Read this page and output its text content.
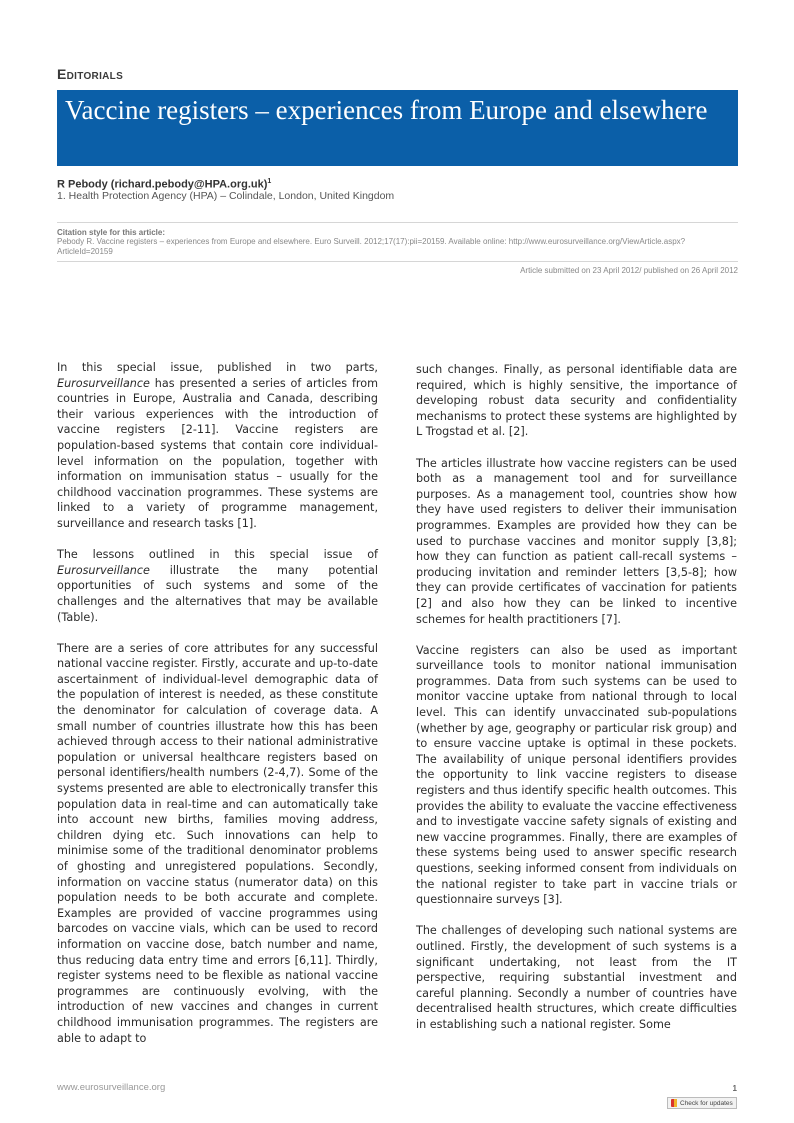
Editorials
Vaccine registers – experiences from Europe and elsewhere
R Pebody (richard.pebody@HPA.org.uk)$^1$
1. Health Protection Agency (HPA) – Colindale, London, United Kingdom
Citation style for this article:
Pebody R. Vaccine registers – experiences from Europe and elsewhere. Euro Surveill. 2012;17(17):pii=20159. Available online: http://www.eurosurveillance.org/ViewArticle.aspx?ArticleId=20159
Article submitted on 23 April 2012/ published on 26 April 2012

In this special issue, published in two parts, Eurosurveillance has presented a series of articles from countries in Europe, Australia and Canada, describing their various experiences with the introduction of vaccine registers [2-11]. Vaccine registers are population-based systems that contain core individual-level information on the population, together with information on immunisation status – usually for the childhood vaccination programmes. These systems are linked to a variety of programme management, surveillance and research tasks [1].

The lessons outlined in this special issue of Eurosurveillance illustrate the many potential opportunities of such systems and some of the challenges and the alternatives that may be available (Table).

There are a series of core attributes for any successful national vaccine register. Firstly, accurate and up-to-date ascertainment of individual-level demographic data of the population of interest is needed, as these constitute the denominator for calculation of coverage data. A small number of countries illustrate how this has been achieved through access to their national administrative population or universal healthcare registers based on personal identifiers/health numbers (2-4,7). Some of the systems presented are able to electronically transfer this population data in real-time and can automatically take into account new births, families moving address, children dying etc. Such innovations can help to minimise some of the traditional denominator problems of ghosting and unregistered populations. Secondly, information on vaccine status (numerator data) on this population needs to be both accurate and complete. Examples are provided of vaccine programmes using barcodes on vaccine vials, which can be used to record information on vaccine dose, batch number and name, thus reducing data entry time and errors [6,11]. Thirdly, register systems need to be flexible as national vaccine programmes are continuously evolving, with the introduction of new vaccines and changes in current childhood immunisation programmes. The registers are able to adapt to

such changes. Finally, as personal identifiable data are required, which is highly sensitive, the importance of developing robust data security and confidentiality mechanisms to protect these systems are highlighted by L Trogstad et al. [2].

The articles illustrate how vaccine registers can be used both as a management tool and for surveillance purposes. As a management tool, countries show how they have used registers to deliver their immunisation programmes. Examples are provided how they can be used to purchase vaccines and monitor supply [3,8]; how they can function as patient call-recall systems – producing invitation and reminder letters [3,5-8]; how they can provide certificates of vaccination for patients [2] and also how they can be linked to incentive schemes for health practitioners [7].

Vaccine registers can also be used as important surveillance tools to monitor national immunisation programmes. Data from such systems can be used to monitor vaccine uptake from national through to local level. This can identify unvaccinated sub-populations (whether by age, geography or particular risk group) and to ensure vaccine uptake is optimal in these pockets. The availability of unique personal identifiers provides the opportunity to link vaccine registers to disease registers and thus identify specific health outcomes. This provides the ability to evaluate the vaccine effectiveness and to investigate vaccine safety signals of existing and new vaccine programmes. Finally, there are examples of these systems being used to answer specific research questions, seeking informed consent from individuals on the national register to take part in vaccine trials or questionnaire surveys [3].

The challenges of developing such national systems are outlined. Firstly, the development of such systems is a significant undertaking, not least from the IT perspective, requiring substantial investment and careful planning. Secondly a number of countries have decentralised health structures, which create difficulties in establishing such a national register. Some

www.eurosurveillance.org	1
Check for updates
